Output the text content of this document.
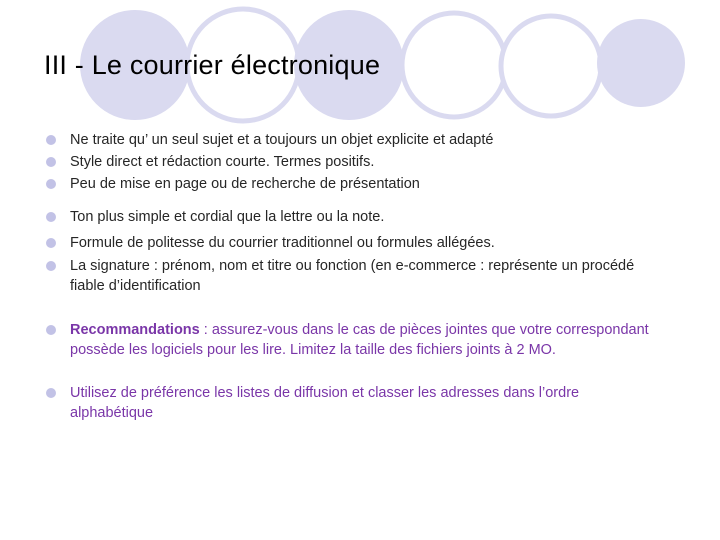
III - Le courrier électronique
Ne traite qu’ un seul sujet et a toujours un objet explicite et adapté
Style direct et rédaction courte. Termes positifs.
Peu de mise en page ou de recherche de présentation
Ton plus simple et cordial que la lettre ou la note.
Formule de politesse du courrier traditionnel ou formules allégées.
La signature : prénom, nom et titre ou fonction (en e-commerce : représente un procédé fiable d’identification
Recommandations : assurez-vous dans le cas de pièces jointes que votre correspondant possède les logiciels pour les lire. Limitez la taille des fichiers joints à 2 MO.
Utilisez de préférence les listes de diffusion et classer les adresses dans l’ordre alphabétique
